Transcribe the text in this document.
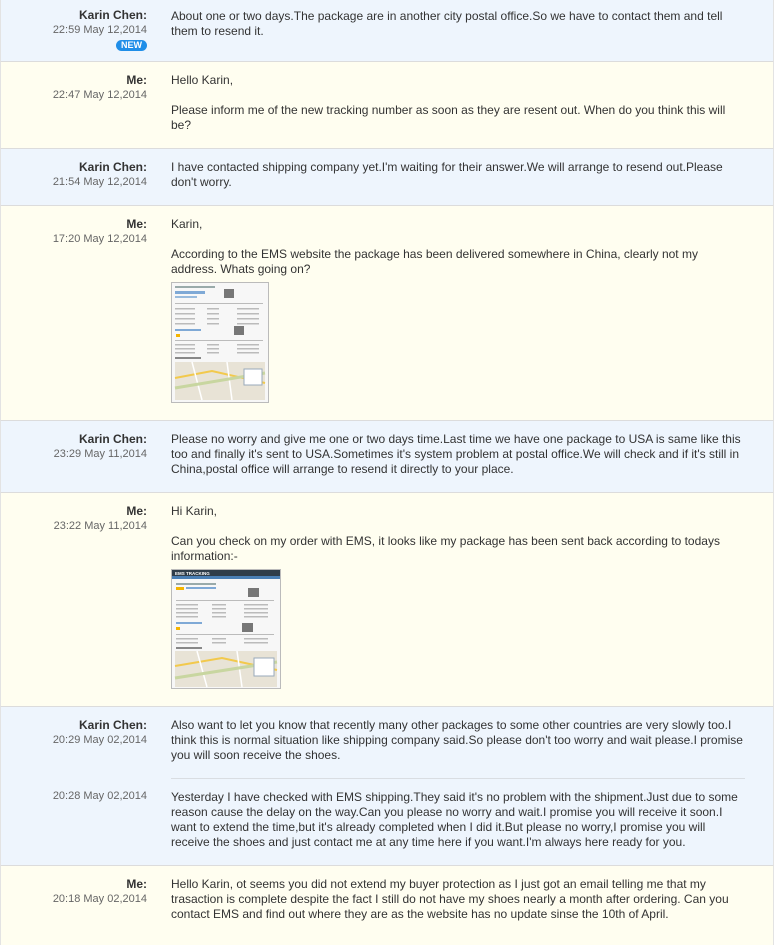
Karin Chen:
22:59 May 12,2014
NEW

About one or two days.The package are in another city postal office.So we have to contact them and tell them to resend it.

Me:
22:47 May 12,2014

Hello Karin,

Please inform me of the new tracking number as soon as they are resent out. When do you think this will be?

Karin Chen:
21:54 May 12,2014

I have contacted shipping company yet.I'm waiting for their answer.We will arrange to resend out.Please don't worry.

Me:
17:20 May 12,2014

Karin,

According to the EMS website the package has been delivered somewhere in China, clearly not my address. Whats going on?

Karin Chen:
23:29 May 11,2014

Please no worry and give me one or two days time.Last time we have one package to USA is same like this too and finally it's sent to USA.Sometimes it's system problem at postal office.We will check and if it's still in China,postal office will arrange to resend it directly to your place.

Me:
23:22 May 11,2014

Hi Karin,

Can you check on my order with EMS, it looks like my package has been sent back according to todays information:-

EMS TRACKING
Karin Chen:
20:29 May 02,2014

Also want to let you know that recently many other packages to some other countries are very slowly too.I think this is normal situation like shipping company said.So please don't too worry and wait please.I promise you will soon receive the shoes.

20:28 May 02,2014 Yesterday I have checked with EMS shipping.They said it's no problem with the shipment.Just due to some reason cause the delay on the way.Can you please no worry and wait.I promise you will receive it soon.I want to extend the time,but it's already completed when I did it.But please no worry,I promise you will receive the shoes and just contact me at any time here if you want.I'm always here ready for you.

Me:
20:18 May 02,2014

Hello Karin, ot seems you did not extend my buyer protection as I just got an email telling me that my trasaction is complete despite the fact I still do not have my shoes nearly a month after ordering. Can you contact EMS and find out where they are as the website has no update sinse the 10th of April.
